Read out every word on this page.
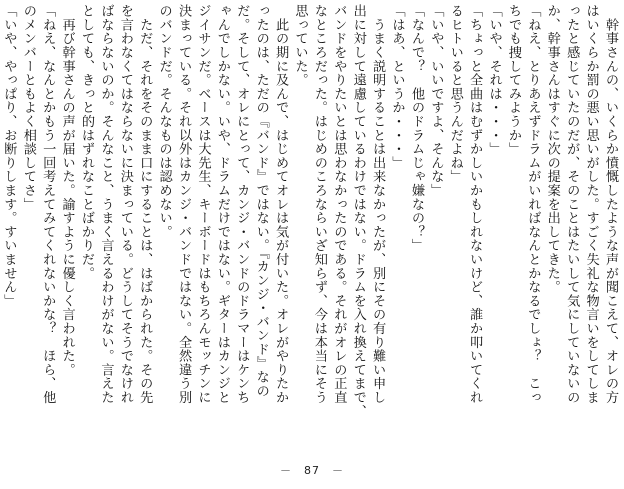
　幹事さんの、いくらか憤慨したような声が聞こえて、オレの方

はいくらか罰の悪い思いがした。すごく失礼な物言いをしてしま

ったと感じていたのだが、そのことはたいして気にしていないの

か、幹事さんはすぐに次の提案を出してきた。

「ねえ、とりあえずドラムがいればなんとかなるでしょ？　こっ

ちでも捜してみようか」

「いや、それは・・・」

「ちょっと全曲はむずかしいかもしれないけど、誰か叩いてくれ

るヒトいると思うんだよね」

「いや、いいですよ、そんな」

「なんで？　他のドラムじゃ嫌なの？」

「はあ、というか・・・」

　うまく説明することは出来なかったが、別にその有り難い申し

出に対して遠慮しているわけではない。ドラムを入れ換えてまで、

バンドをやりたいとは思わなかったのである。それがオレの正直

なところだった。はじめのころならいざ知らず、今は本当にそう

思っていた。

　此の期に及んで、はじめてオレは気が付いた。オレがやりたか

ったのは、ただの『バンド』ではない。『カンジ・バンド』なの

だ。そして、オレにとって、カンジ・バンドのドラマーはケンち

ゃんでしかない。いや、ドラムだけではない。ギターはカンジと

ジイサンだ。ベースは大先生、キーボードはもちろんモッチンに

決まっている。それ以外はカンジ・バンドではない。全然違う別

のバンドだ。そんなものは認めない。

　ただ、それをそのまま口にすることは、はばかられた。その先

を言わなくてはならないに決まっている。どうしてそうでなけれ

ばならないのか。そんなこと、うまく言えるわけがない。言えた

としても、きっと的はずれなことばかりだ。

　再び幹事さんの声が届いた。諭すように優しく言われた。

「ねえ、なんとかもう一回考えてみてくれないかな？　ほら、他

のメンバーともよく相談してさ」

「いや、やっぱり、お断りします。すいません」

－　87　－
